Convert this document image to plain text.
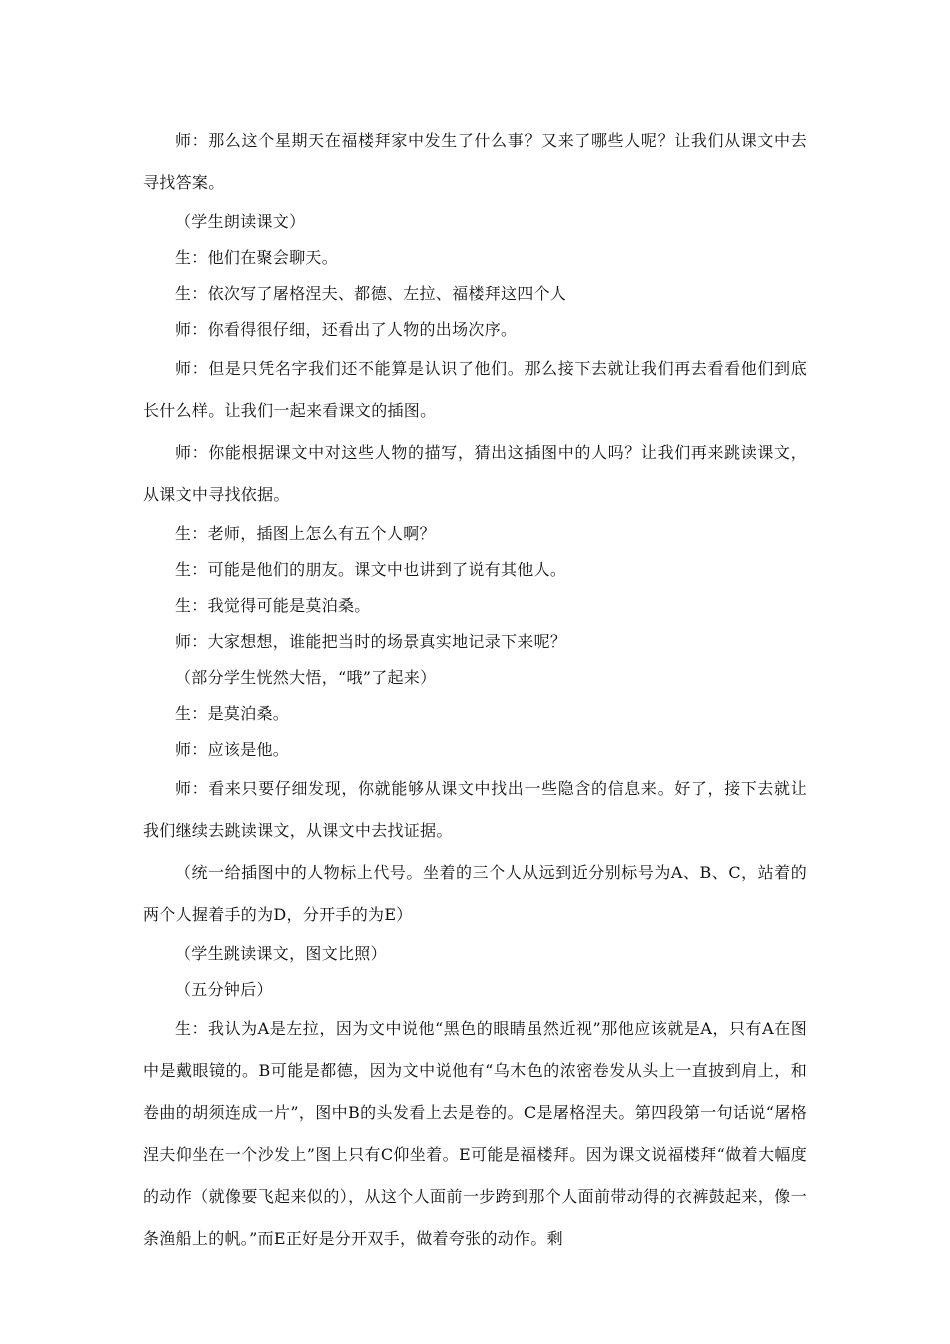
师：那么这个星期天在福楼拜家中发生了什么事？又来了哪些人呢？让我们从课文中去寻找答案。

（学生朗读课文）

生：他们在聚会聊天。

生：依次写了屠格涅夫、都德、左拉、福楼拜这四个人

师：你看得很仔细，还看出了人物的出场次序。

师：但是只凭名字我们还不能算是认识了他们。那么接下去就让我们再去看看他们到底长什么样。让我们一起来看课文的插图。

师：你能根据课文中对这些人物的描写，猜出这插图中的人吗？让我们再来跳读课文，从课文中寻找依据。

生：老师，插图上怎么有五个人啊？

生：可能是他们的朋友。课文中也讲到了说有其他人。

生：我觉得可能是莫泊桑。

师：大家想想，谁能把当时的场景真实地记录下来呢？

（部分学生恍然大悟，“哦”了起来）

生：是莫泊桑。

师：应该是他。

师：看来只要仔细发现，你就能够从课文中找出一些隐含的信息来。好了，接下去就让我们继续去跳读课文，从课文中去找证据。

（统一给插图中的人物标上代号。坐着的三个人从远到近分别标号为A、B、C，站着的两个人握着手的为D，分开手的为E）

（学生跳读课文，图文比照）

（五分钟后）

生：我认为A是左拉，因为文中说他“黑色的眼睛虽然近视”那他应该就是A，只有A在图中是戴眼镜的。B可能是都德，因为文中说他有“乌木色的浓密卷发从头上一直披到肩上，和卷曲的胡须连成一片”，图中B的头发看上去是卷的。C是屠格涅夫。第四段第一句话说“屠格涅夫仰坐在一个沙发上”图上只有C仰坐着。E可能是福楼拜。因为课文说福楼拜“做着大幅度的动作（就像要飞起来似的），从这个人面前一步跨到那个人面前带动得的衣裤鼓起来，像一条渔船上的帆。”而E正好是分开双手，做着夸张的动作。剩
